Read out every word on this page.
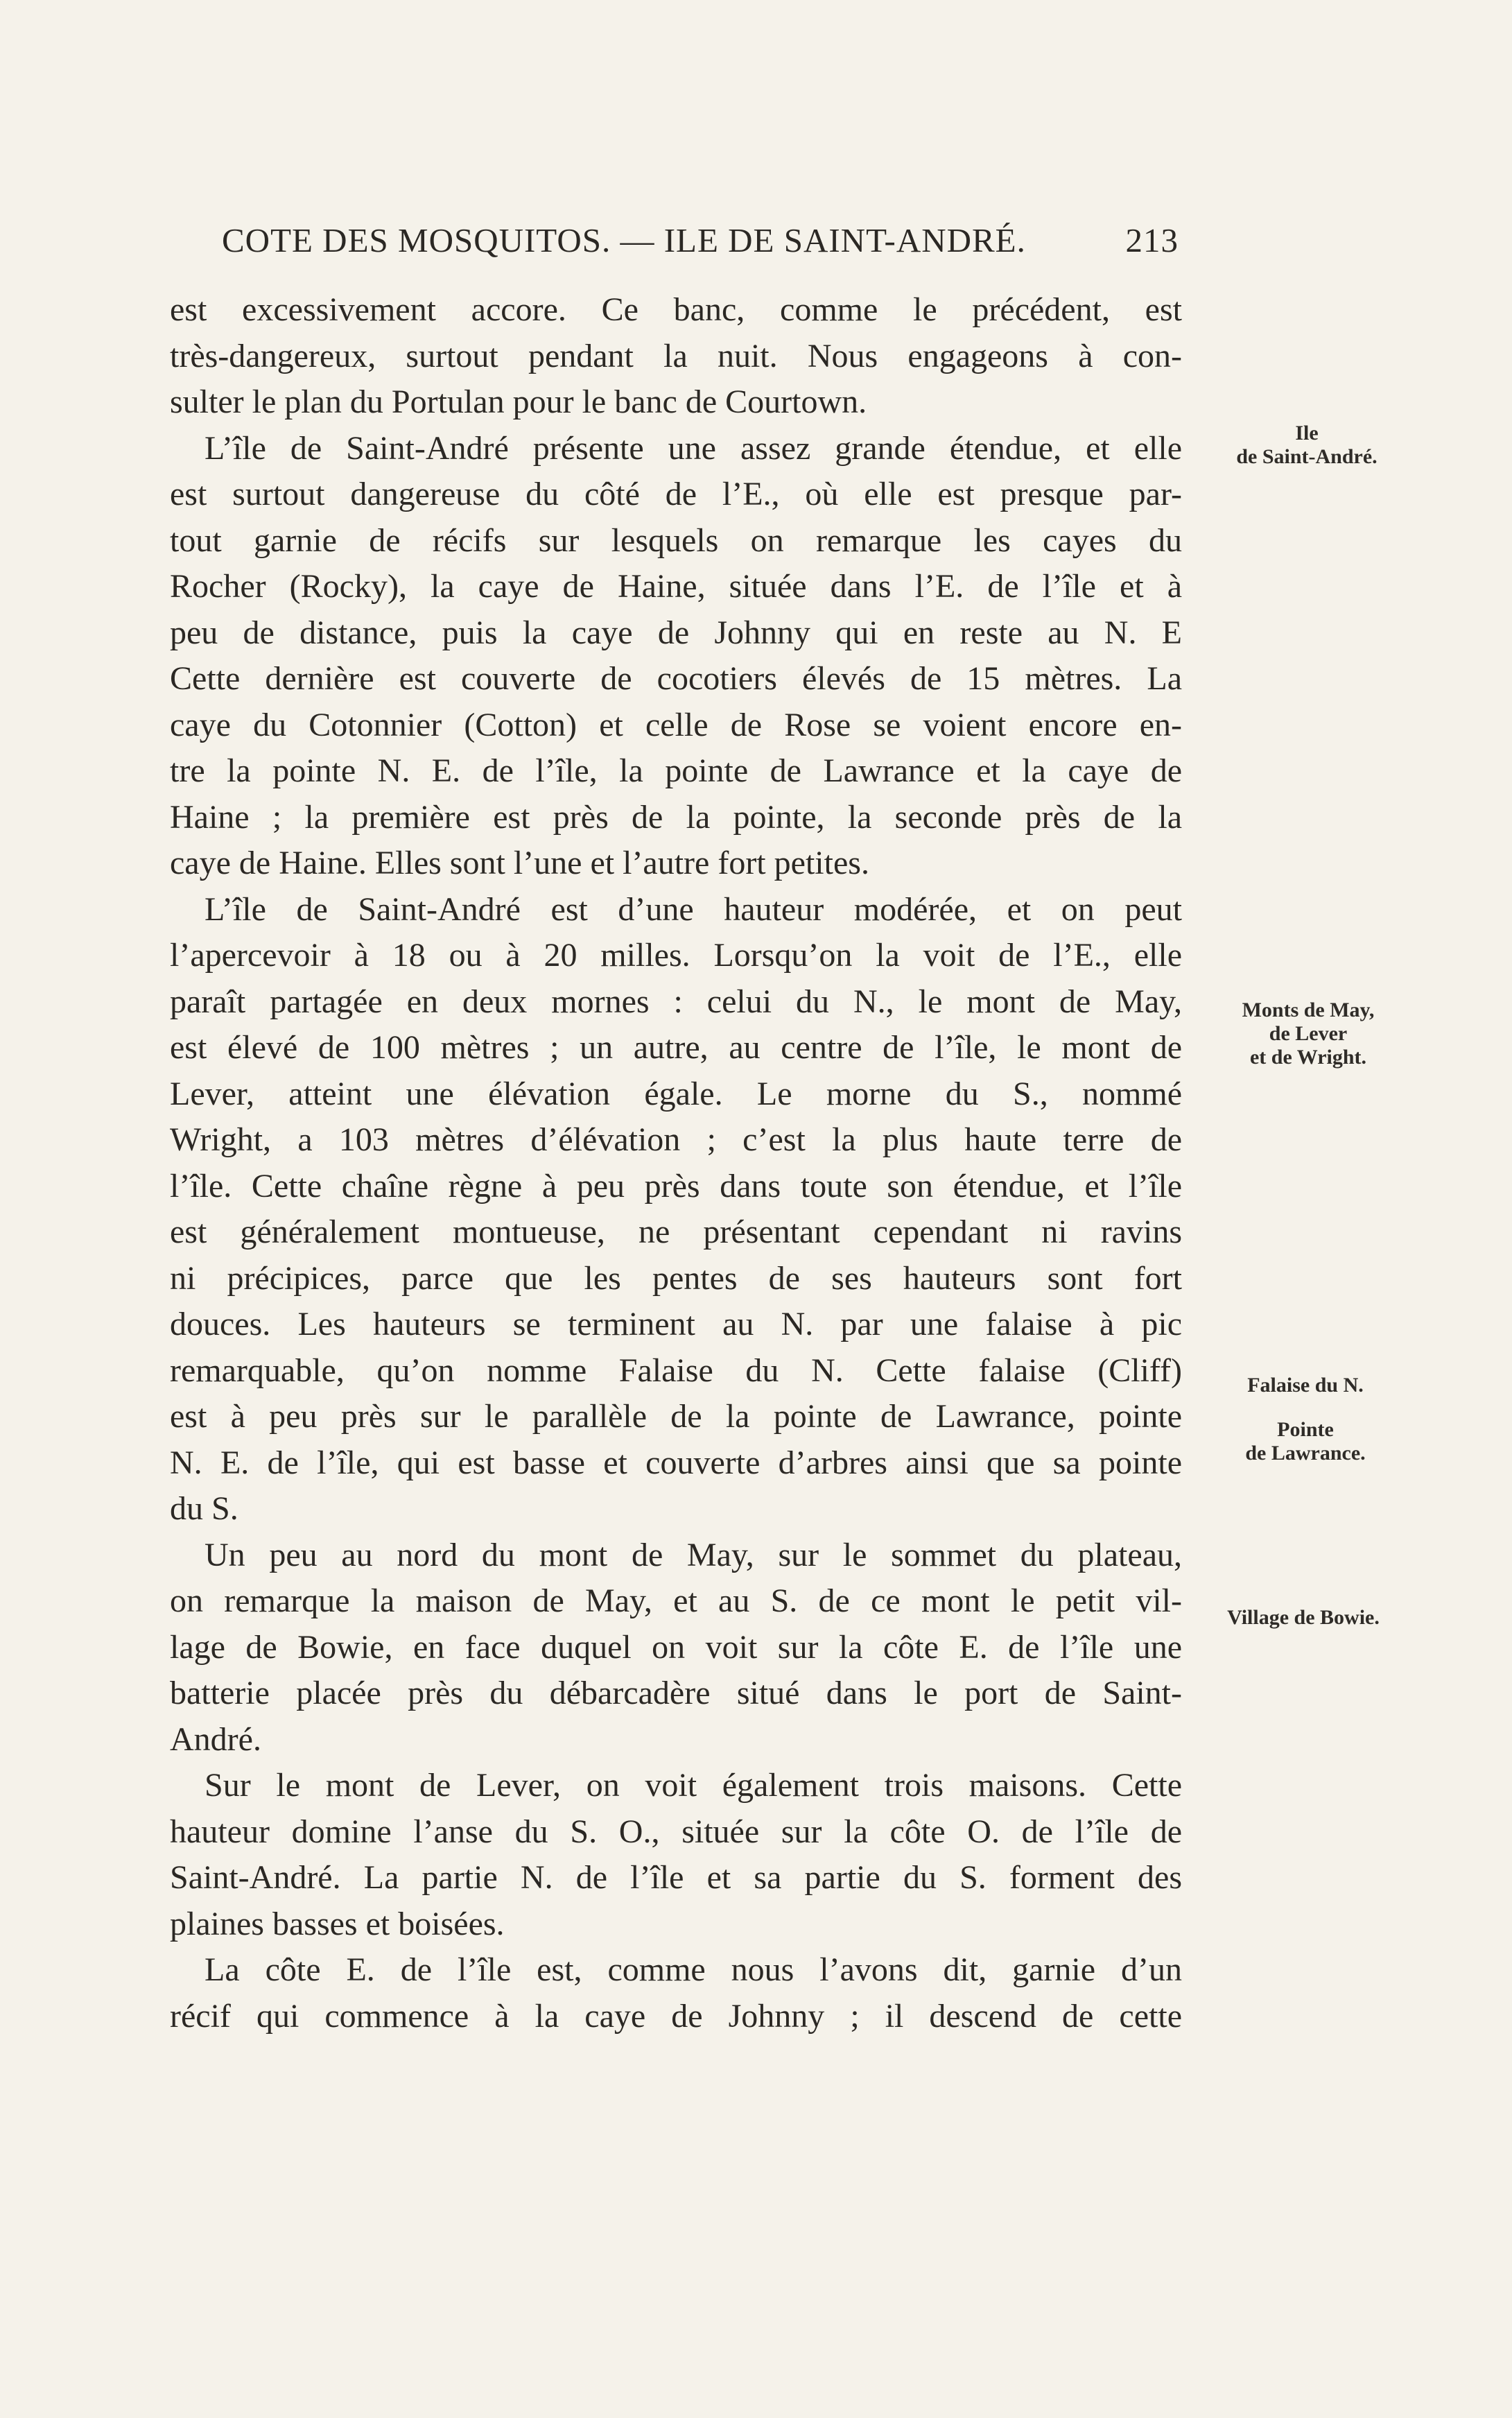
COTE DES MOSQUITOS. — ILE DE SAINT-ANDRÉ.	213

est excessivement accore. Ce banc, comme le précédent, est

très-dangereux, surtout pendant la nuit. Nous engageons à con-

sulter le plan du Portulan pour le banc de Courtown.

L’île de Saint-André présente une assez grande étendue, et elle

est surtout dangereuse du côté de l’E., où elle est presque par-

tout garnie de récifs sur lesquels on remarque les cayes du

Rocher (Rocky), la caye de Haine, située dans l’E. de l’île et à

peu de distance, puis la caye de Johnny qui en reste au N. E

Cette dernière est couverte de cocotiers élevés de 15 mètres. La

caye du Cotonnier (Cotton) et celle de Rose se voient encore en-

tre la pointe N. E. de l’île, la pointe de Lawrance et la caye de

Haine ; la première est près de la pointe, la seconde près de la

caye de Haine. Elles sont l’une et l’autre fort petites.

L’île de Saint-André est d’une hauteur modérée, et on peut

l’apercevoir à 18 ou à 20 milles. Lorsqu’on la voit de l’E., elle

paraît partagée en deux mornes : celui du N., le mont de May,

est élevé de 100 mètres ; un autre, au centre de l’île, le mont de

Lever, atteint une élévation égale. Le morne du S., nommé

Wright, a 103 mètres d’élévation ; c’est la plus haute terre de

l’île. Cette chaîne règne à peu près dans toute son étendue, et l’île

est généralement montueuse, ne présentant cependant ni ravins

ni précipices, parce que les pentes de ses hauteurs sont fort

douces. Les hauteurs se terminent au N. par une falaise à pic

remarquable, qu’on nomme Falaise du N. Cette falaise (Cliff)

est à peu près sur le parallèle de la pointe de Lawrance, pointe

N. E. de l’île, qui est basse et couverte d’arbres ainsi que sa pointe

du S.

Un peu au nord du mont de May, sur le sommet du plateau,

on remarque la maison de May, et au S. de ce mont le petit vil-

lage de Bowie, en face duquel on voit sur la côte E. de l’île une

batterie placée près du débarcadère situé dans le port de Saint-

André.

Sur le mont de Lever, on voit également trois maisons. Cette

hauteur domine l’anse du S. O., située sur la côte O. de l’île de

Saint-André. La partie N. de l’île et sa partie du S. forment des

plaines basses et boisées.

La côte E. de l’île est, comme nous l’avons dit, garnie d’un

récif qui commence à la caye de Johnny ; il descend de cette

Ile
de Saint-André.
Monts de May,
de Lever
et de Wright.
Falaise du N.
Pointe
de Lawrance.
Village de Bowie.
